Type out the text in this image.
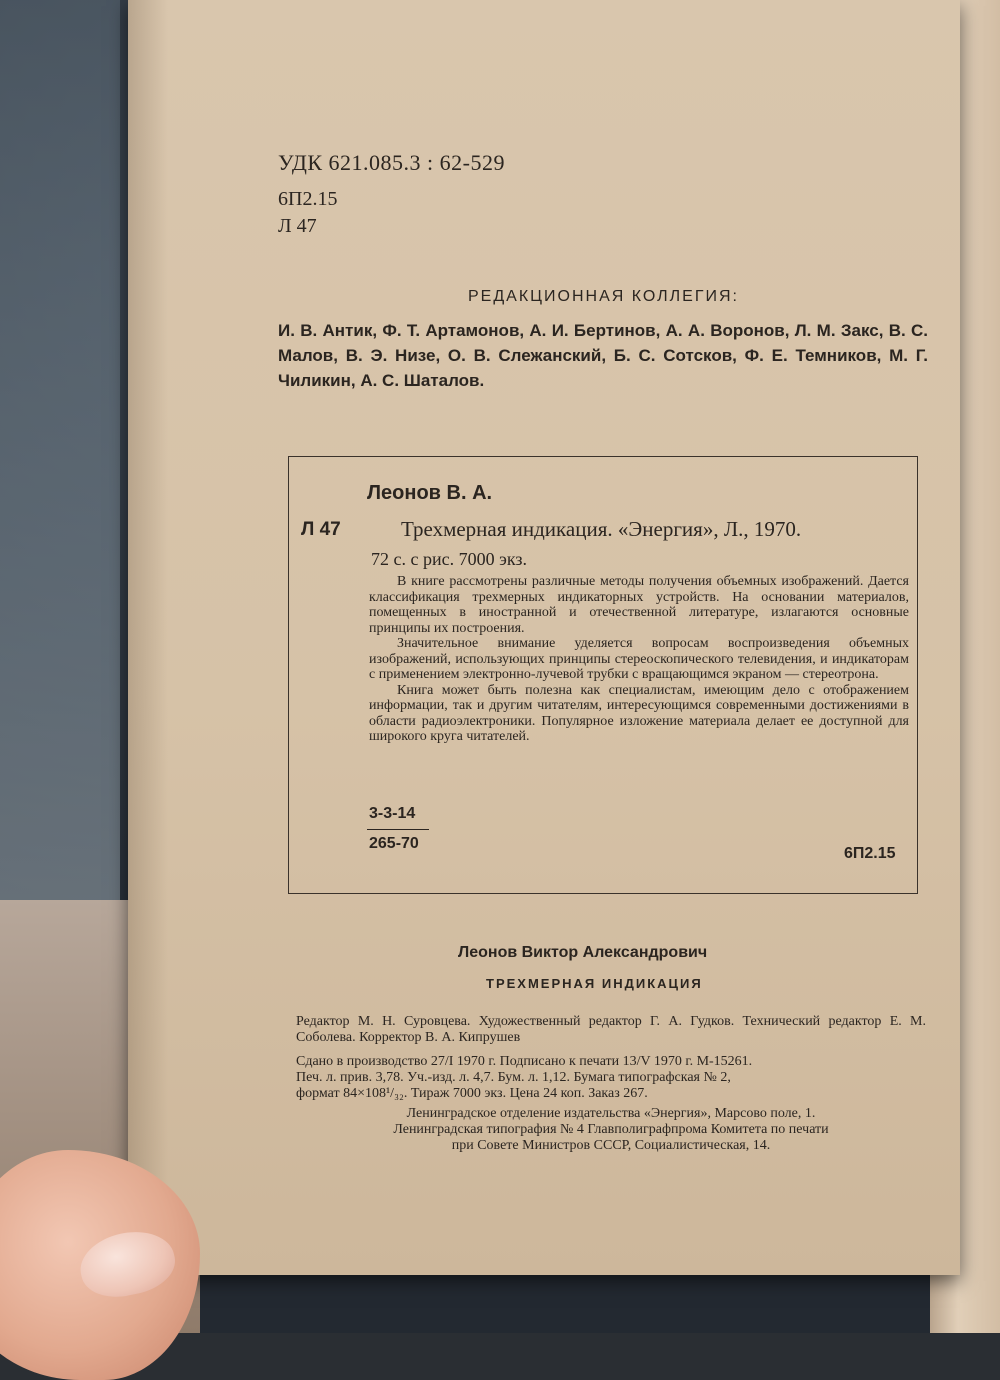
УДК 621.085.3 : 62-529
6П2.15
Л 47
РЕДАКЦИОННАЯ КОЛЛЕГИЯ:
И. В. Антик, Ф. Т. Артамонов, А. И. Бертинов, А. А. Воронов, Л. М. Закс, В. С. Малов, В. Э. Низе, О. В. Слежанский, Б. С. Сотсков, Ф. Е. Темников, М. Г. Чиликин, А. С. Шаталов.
Леонов В. А.
Л 47	Трехмерная индикация. «Энергия», Л., 1970.
72 с. с рис. 7000 экз.

В книге рассмотрены различные методы получения объемных изображений. Дается классификация трехмерных индикаторных устройств. На основании материалов, помещенных в иностранной и отечественной литературе, излагаются основные принципы их построения.

Значительное внимание уделяется вопросам воспроизведения объемных изображений, использующих принципы стереоскопического телевидения, и индикаторам с применением электронно-лучевой трубки с вращающимся экраном — стереотрона.

Книга может быть полезна как специалистам, имеющим дело с отображением информации, так и другим читателям, интересующимся современными достижениями в области радиоэлектроники. Популярное изложение материала делает ее доступной для широкого круга читателей.

3-3-14
265-70
6П2.15
Леонов Виктор Александрович
ТРЕХМЕРНАЯ ИНДИКАЦИЯ
Редактор М. Н. Суровцева. Художественный редактор Г. А. Гудков. Технический редактор Е. М. Соболева. Корректор В. А. Кипрушев
Сдано в производство 27/I 1970 г. Подписано к печати 13/V 1970 г. М-15261.
Печ. л. прив. 3,78. Уч.-изд. л. 4,7. Бум. л. 1,12. Бумага типографская № 2,
формат 84×108¹/₃₂. Тираж 7000 экз. Цена 24 коп. Заказ 267.
Ленинградское отделение издательства «Энергия», Марсово поле, 1.
Ленинградская типография № 4 Главполиграфпрома Комитета по печати
при Совете Министров СССР, Социалистическая, 14.
